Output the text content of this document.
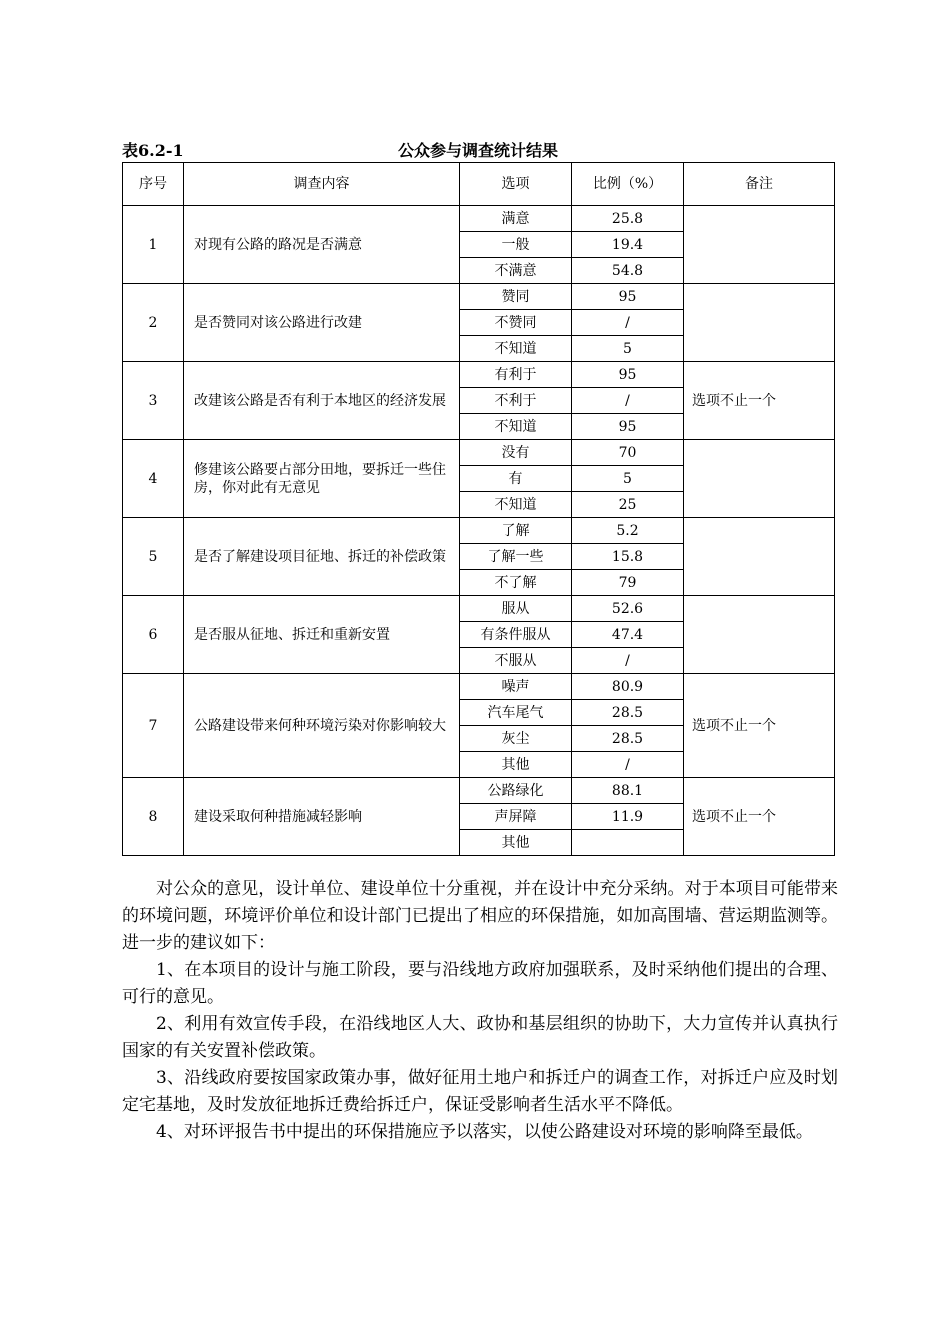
公众参与调查统计结果
表6.2-1
序号	调查内容	选项	比例（%）	备注
1	对现有公路的路况是否满意	满意	25.8	
		一般	19.4	
		不满意	54.8	
2	是否赞同对该公路进行改建	赞同	95	
		不赞同	/	
		不知道	5	
3	改建该公路是否有利于本地区的经济发展	有利于	95	选项不止一个
		不利于	/	
		不知道	95	
4	修建该公路要占部分田地，要拆迁一些住房，你对此有无意见	没有	70	
		有	5	
		不知道	25	
5	是否了解建设项目征地、拆迁的补偿政策	了解	5.2	
		了解一些	15.8	
		不了解	79	
6	是否服从征地、拆迁和重新安置	服从	52.6	
		有条件服从	47.4	
		不服从	/	
7	公路建设带来何种环境污染对你影响较大	噪声	80.9	选项不止一个
		汽车尾气	28.5	
		灰尘	28.5	
		其他	/	
8	建设采取何种措施减轻影响	公路绿化	88.1	选项不止一个
		声屏障	11.9	
		其他		

对公众的意见，设计单位、建设单位十分重视，并在设计中充分采纳。对于本项目可能带来的环境问题，环境评价单位和设计部门已提出了相应的环保措施，如加高围墙、营运期监测等。进一步的建议如下：

1、在本项目的设计与施工阶段，要与沿线地方政府加强联系，及时采纳他们提出的合理、可行的意见。

2、利用有效宣传手段，在沿线地区人大、政协和基层组织的协助下，大力宣传并认真执行国家的有关安置补偿政策。

3、沿线政府要按国家政策办事，做好征用土地户和拆迁户的调查工作，对拆迁户应及时划定宅基地，及时发放征地拆迁费给拆迁户，保证受影响者生活水平不降低。

4、对环评报告书中提出的环保措施应予以落实，以使公路建设对环境的影响降至最低。
